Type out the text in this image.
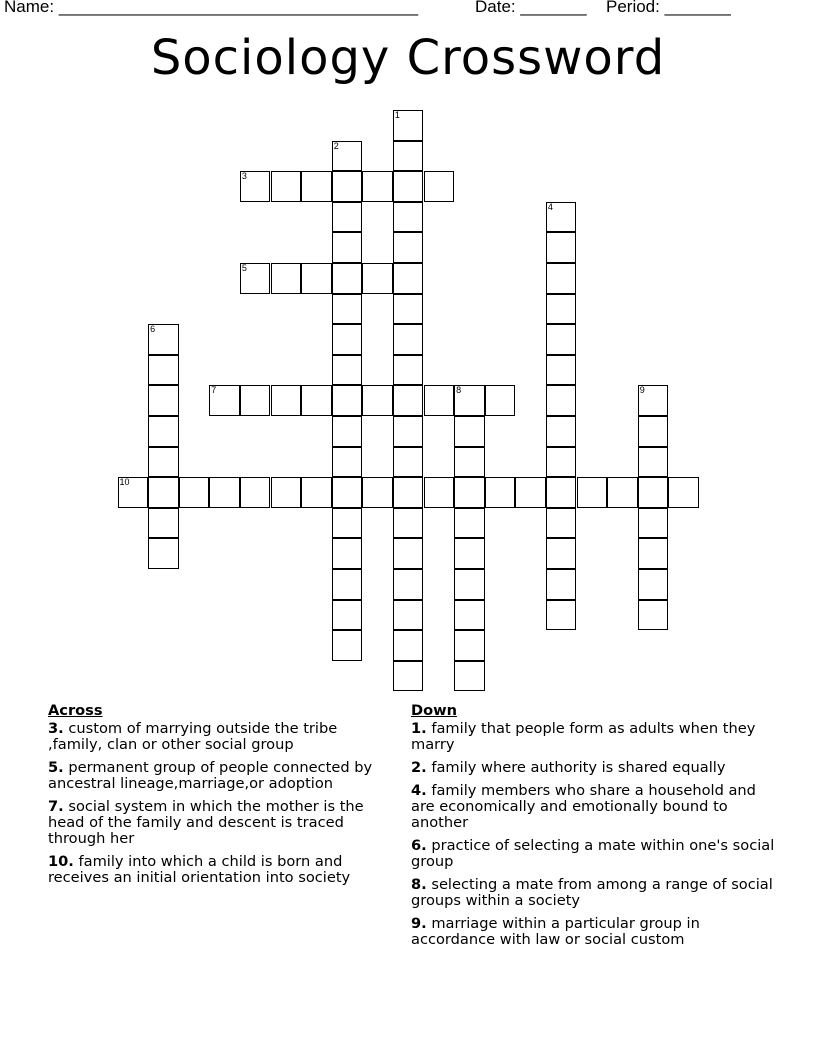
Name: ______________________________________	Date: _______ Period: _______
Sociology Crossword
1
2
3
4
5
6
7	8	9
10
Across
3. custom of marrying outside the tribe ,family, clan or other social group
5. permanent group of people connected by ancestral lineage,marriage,or adoption
7. social system in which the mother is the head of the family and descent is traced through her
10. family into which a child is born and receives an initial orientation into society
Down
1. family that people form as adults when they marry
2. family where authority is shared equally
4. family members who share a household and are economically and emotionally bound to another
6. practice of selecting a mate within one's social group
8. selecting a mate from among a range of social groups within a society
9. marriage within a particular group in accordance with law or social custom
